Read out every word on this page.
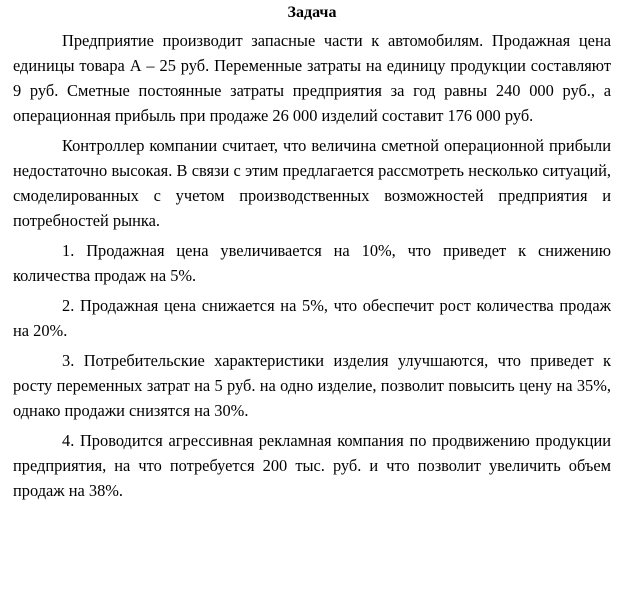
Задача

Предприятие производит запасные части к автомобилям. Продажная цена единицы товара А – 25 руб. Переменные затраты на единицу продукции составляют 9 руб. Сметные постоянные затраты предприятия за год равны 240 000 руб., а операционная прибыль при продаже 26 000 изделий составит 176 000 руб.

Контроллер компании считает, что величина сметной операционной прибыли недостаточно высокая. В связи с этим предлагается рассмотреть несколько ситуаций, смоделированных с учетом производственных возможностей предприятия и потребностей рынка.

1. Продажная цена увеличивается на 10%, что приведет к снижению количества продаж на 5%.

2. Продажная цена снижается на 5%, что обеспечит рост количества продаж на 20%.

3. Потребительские характеристики изделия улучшаются, что приведет к росту переменных затрат на 5 руб. на одно изделие, позволит повысить цену на 35%, однако продажи снизятся на 30%.

4. Проводится агрессивная рекламная компания по продвижению продукции предприятия, на что потребуется 200 тыс. руб. и что позволит увеличить объем продаж на 38%.
